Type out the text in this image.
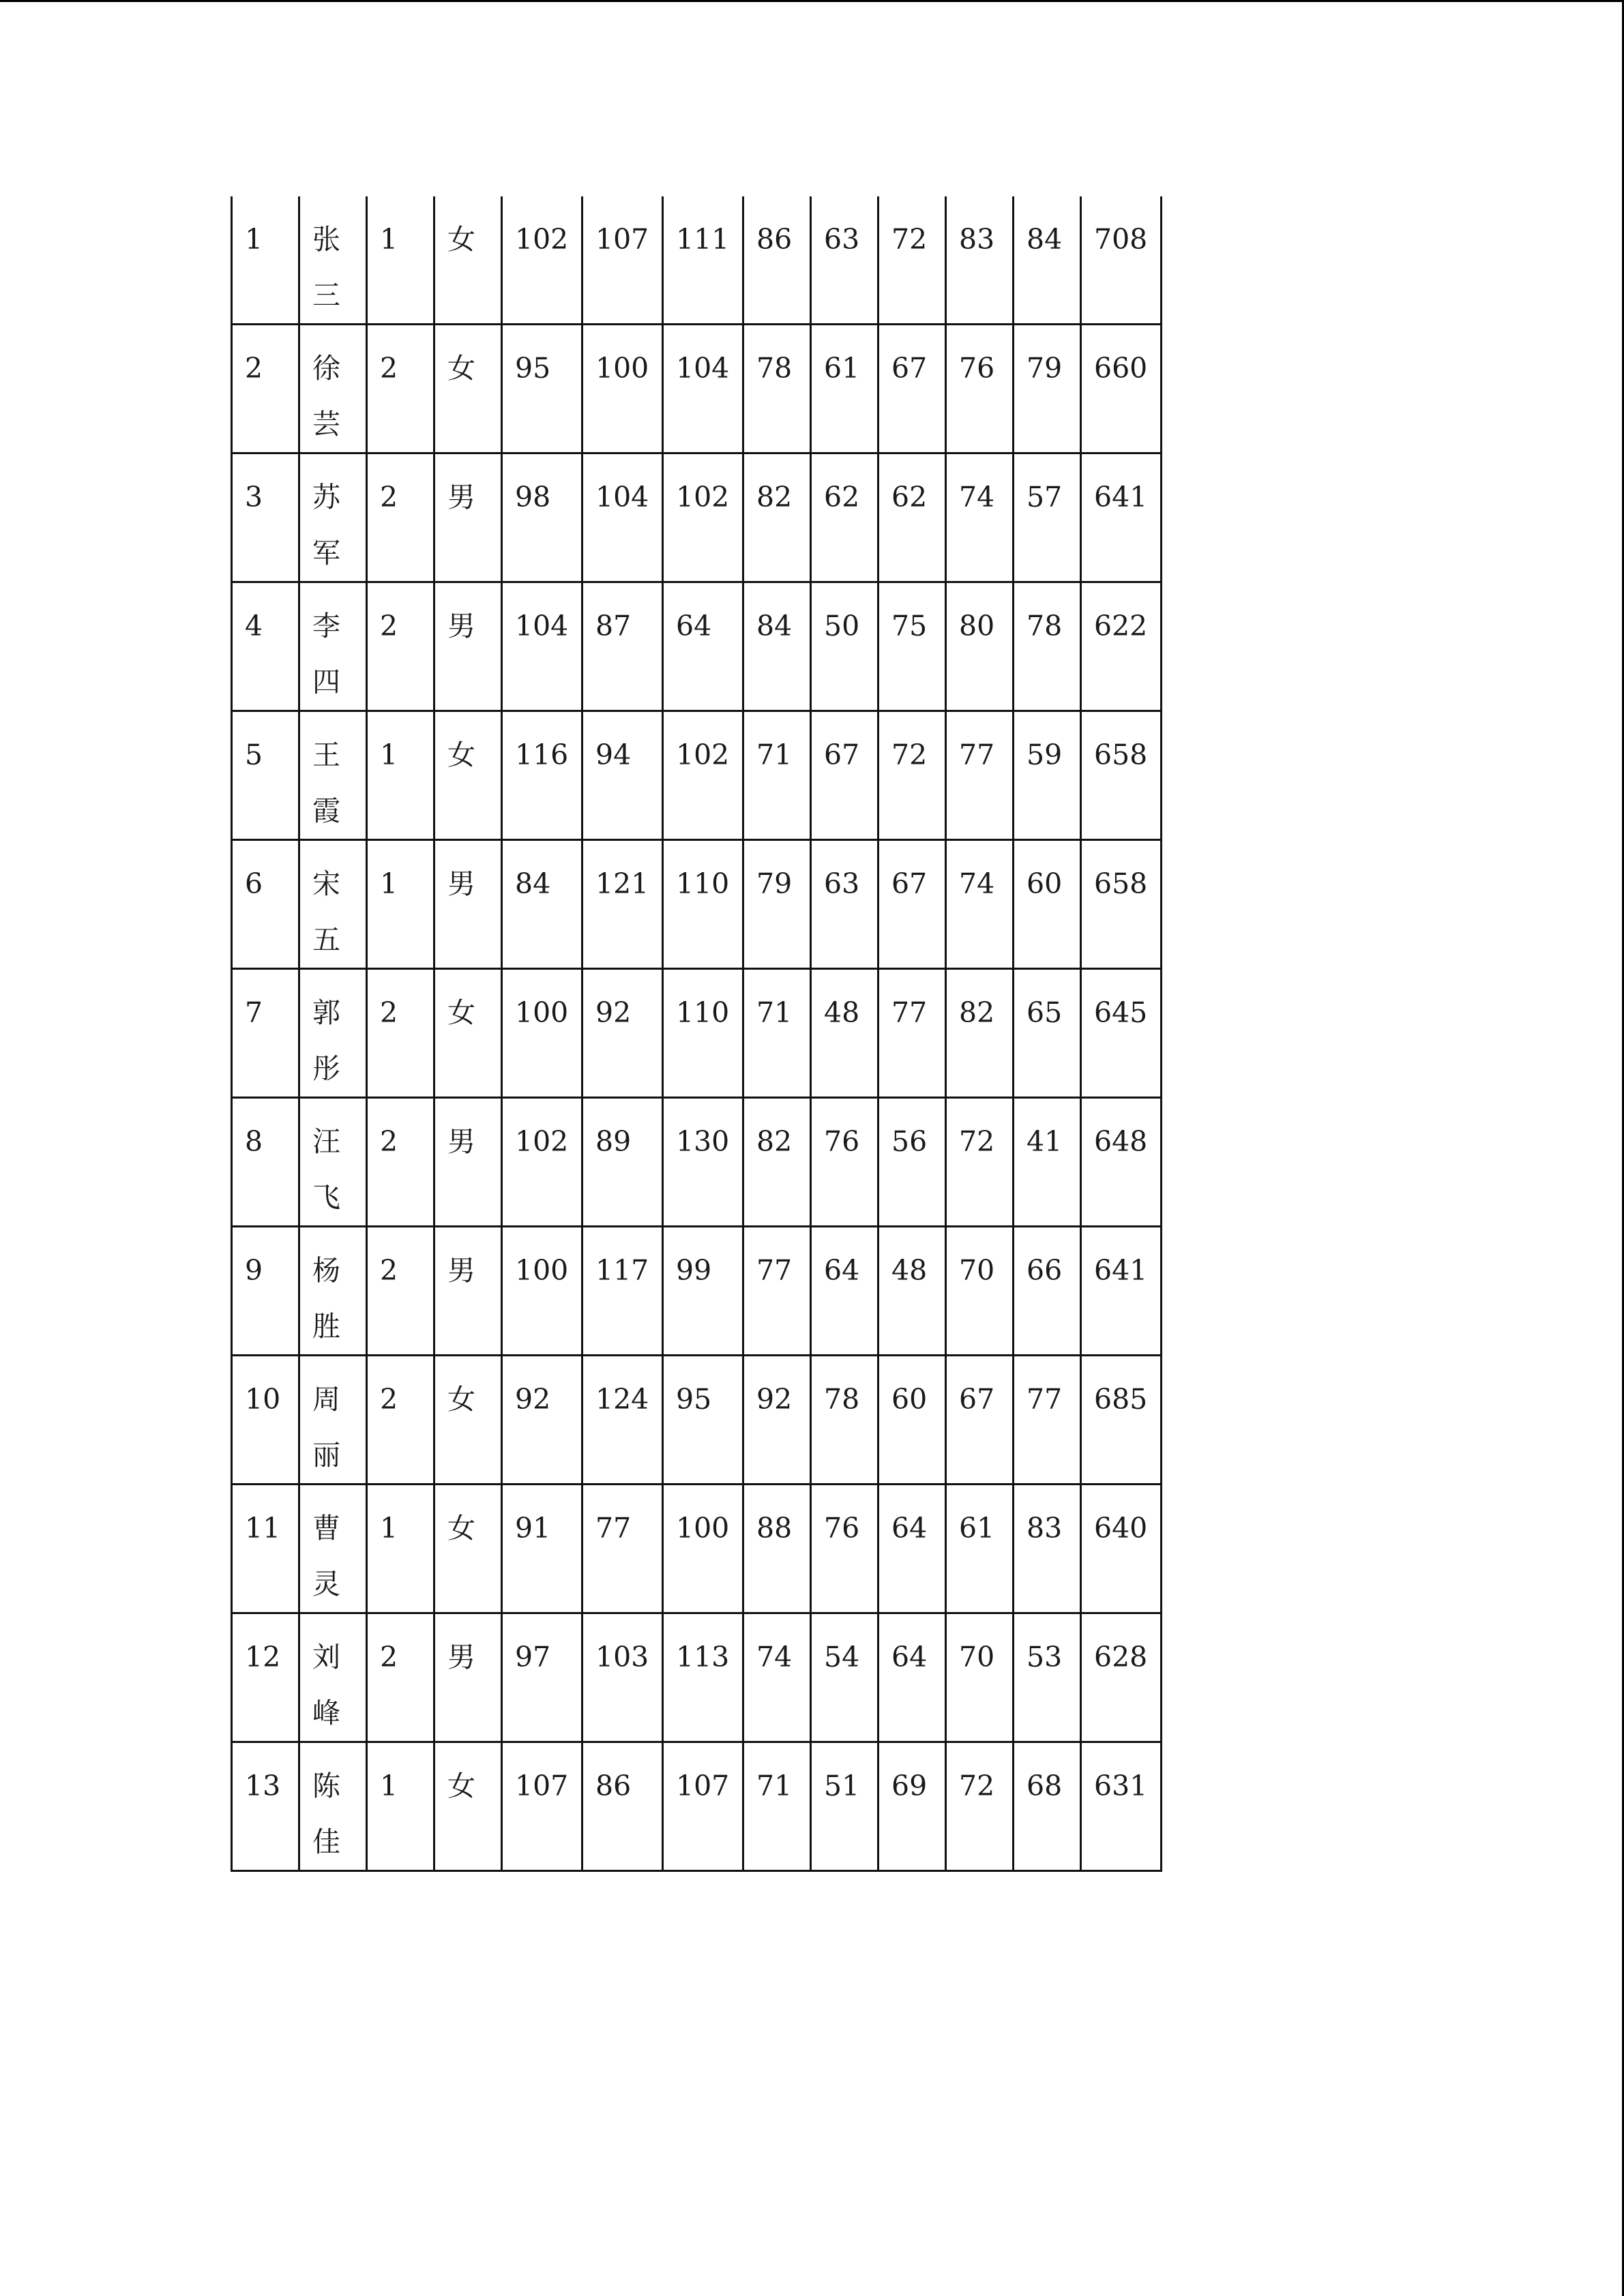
1	张三	1	女	102	107	111	86	63	72	83	84	708
2	徐芸	2	女	95	100	104	78	61	67	76	79	660
3	苏军	2	男	98	104	102	82	62	62	74	57	641
4	李四	2	男	104	87	64	84	50	75	80	78	622
5	王霞	1	女	116	94	102	71	67	72	77	59	658
6	宋五	1	男	84	121	110	79	63	67	74	60	658
7	郭彤	2	女	100	92	110	71	48	77	82	65	645
8	汪飞	2	男	102	89	130	82	76	56	72	41	648
9	杨胜	2	男	100	117	99	77	64	48	70	66	641
10	周丽	2	女	92	124	95	92	78	60	67	77	685
11	曹灵	1	女	91	77	100	88	76	64	61	83	640
12	刘峰	2	男	97	103	113	74	54	64	70	53	628
13	陈佳	1	女	107	86	107	71	51	69	72	68	631
